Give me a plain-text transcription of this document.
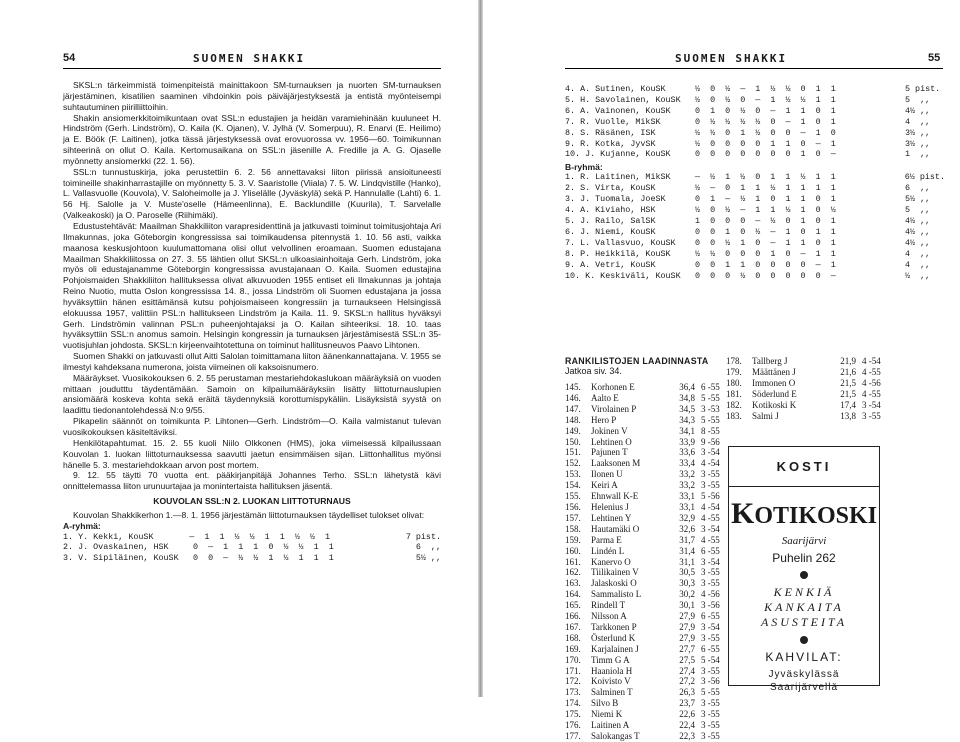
54	SUOMEN SHAKKI

SKSL:n tärkeimmistä toimenpiteistä mainittakoon SM-turnauksen ja nuorten SM-turnauksen järjestäminen, kisatilien saaminen vihdoinkin pois päiväjärjestyksestä ja entistä myönteisempi suhtautuminen piirilliittoihin.

Shakin ansiomerkkitoimikuntaan ovat SSL:n edustajien ja heidän varamiehinään kuuluneet H. Hindström (Gerh. Lindström), O. Kaila (K. Ojanen), V. Jylhä (V. Somerpuu), R. Enarvi (E. Heilimo) ja E. Böök (F. Laitinen), jotka tässä järjestyksessä ovat erovuorossa vv. 1956—60. Toimikunnan sihteerinä on ollut O. Kaila. Kertomusaikana on SSL:n jäsenille A. Fredille ja A. G. Ojaselle myönnetty ansiomerkki (22. 1. 56).

SSL:n tunnustuskirja, joka perustettiin 6. 2. 56 annettavaksi liiton piirissä ansioituneesti toimineille shakinharrastajille on myönnetty 5. 3. V. Saaristolle (Viiala) 7. 5. W. Lindqvistille (Hanko), L. Vallasvuolle (Kouvola), V. Saloheimolle ja J. Yliselälle (Jyväskylä) sekä P. Hannulalle (Lahti) 6. 1. 56 Hj. Salolle ja V. Muste'oselle (Hämeenlinna), E. Backlundille (Kuurila), T. Sarvelalle (Valkeakoski) ja O. Paroselle (Riihimäki).

Edustustehtävät: Maailman Shakkiliiton varapresidenttinä ja jatkuvasti toiminut toimitusjohtaja Ari Ilmakunnas, joka Göteborgin kongressissa sai toimikaudensa pitennystä 1. 10. 56 asti, vaikka maanosa keskusjohtoon kuulumattomana olisi ollut velvollinen eroamaan. Suomen edustajana Maailman Shakkiliitossa on 27. 3. 55 lähtien ollut SKSL:n ulkoasiainhoitaja Gerh. Lindström, joka myös oli edustajanamme Göteborgin kongressissa avustajanaan O. Kaila. Suomen edustajina Pohjoismaiden Shakkiliiton hallituksessa olivat alkuvuoden 1955 entiset eli Ilmakunnas ja johtaja Reino Nuotio, mutta Oslon kongressissa 14. 8., jossa Lindström oli Suomen edustajana ja jossa hyväksyttiin hänen esittämänsä kutsu pohjoismaiseen kongressiin ja turnaukseen Helsingissä elokuussa 1957, valittiin PSL:n hallitukseen Lindström ja Kaila. 11. 9. SKSL:n hallitus hyväksyi Gerh. Lindströmin valinnan PSL:n puheenjohtajaksi ja O. Kailan sihteeriksi. 18. 10. taas hyväksyttiin SSL:n anomus samoin. Helsingin kongressin ja turnauksen järjestämisestä SSL:n 35-vuotisjuhlan johdosta. SKSL:n kirjeenvaihtotettuna on toiminut hallitusneuvos Paavo Lihtonen.

Suomen Shakki on jatkuvasti ollut Aitti Salolan toimittamana liiton äänenkannattajana. V. 1955 se ilmestyi kahdeksana numerona, joista viimeinen oli kaksoisnumero.

Määräykset. Vuosikokouksen 6. 2. 55 perustaman mestariehdokaslukoan määräyksiä on vuoden mittaan joudutttu täydentämään. Samoin on kilpailumääräyksiin lisätty liittoturnauslupien ansiomäärä koskeva kohta sekä eräitä täydennyksiä korottumispykäliin. Lisäyksistä syystä on laadittu tiedonantolehdessä N:o 9/55.

Pikapelin säännöt on toimikunta P. Lihtonen—Gerh. Lindström—O. Kaila valmistanut tulevan vuosikokouksen käsiteltäviksi.

Henkilötapahtumat. 15. 2. 55 kuoli Niilo Olkkonen (HMS), joka viimeisessä kilpailussaan Kouvolan 1. luokan liittoturnauksessa saavutti jaetun ensimmäisen sijan. Liittonhallitus myönsi hänelle 5. 3. mestariehdokkaan arvon post mortem.

9. 12. 55 täytti 70 vuotta ent. pääkirjanpitäjä Johannes Terho. SSL:n lähetystä kävi onnittelemassa liiton urunuurtajaa ja monintertaista hallituksen jäsentä.

KOUVOLAN SSL:N 2. LUOKAN LIITTOTURNAUS

Kouvolan Shakkikerhon 1.—8. 1. 1956 järjestämän liittoturnauksen täydelliset tulokset olivat:

A-ryhmä:
1. Y. Kekki, KouSK	—  1  1  ½  ½  1  1  ½  ½  1	7 pist.
2. J. Ovaskainen, HSK	0  —  1  1  1  0  ½  ½  1  1	6  ,,
3. V. Sipiläinen, KouSK	0  0  —  ½  ½  1  ½  1  1  1	5½ ,,
SUOMEN SHAKKI	55
4. A. Sutinen, KouSK	½  0  ½  —  1  ½  ½  0  1  1	5 pist.
5. H. Savolainen, KouSK	½  0  ½  0  —  1  ½  ½  1  1	5  ,,
6. A. Vainonen, KouSK	0  1  0  ½  0  —  1  1  0  1	4½ ,,
7. R. Vuolle, MikSK	0  ½  ½  ½  ½  0  —  1  0  1	4  ,,
8. S. Räsänen, ISK	½  ½  0  1  ½  0  0  —  1  0	3½ ,,
9. R. Kotka, JyvSK	½  0  0  0  0  1  1  0  —  1	3½ ,,
10. J. Kujanne, KouSK	0  0  0  0  0  0  0  1  0  —	1  ,,
B-ryhmä:
1. R. Laitinen, MikSK	—  ½  1  ½  0  1  1  ½  1  1	6½ pist.
2. S. Virta, KouSK	½  —  0  1  1  ½  1  1  1  1	6  ,,
3. J. Tuomala, JoeSK	0  1  —  ½  1  0  1  1  0  1	5½ ,,
4. A. Kiviaho, HSK	½  0  ½  —  1  1  ½  1  0  ½	5  ,,
5. J. Railo, SalSK	1  0  0  0  —  ½  0  1  0  1	4½ ,,
6. J. Niemi, KouSK	0  0  1  0  ½  —  1  0  1  1	4½ ,,
7. L. Vallasvuo, KouSK	0  0  ½  1  0  —  1  1  0  1	4½ ,,
8. P. Heikkilä, KouSK	½  ½  0  0  0  1  0  —  1  1	4  ,,
9. A. Vetri, KouSK	0  0  1  1  0  0  0  0  —  1	4  ,,
10. K. Keskiväli, KouSK	0  0  0  ½  0  0  0  0  0  —	½  ,,
RANKILISTOJEN LAADINNASTA
Jatkoa siv. 34.
145.	Korhonen E	36,4 6 -55
146.	Aalto E	34,8 5 -55
147.	Virolainen P	34,5 3 -53
148.	Hero P	34,3 5 -55
149.	Jokinen V	34,1 8 -55
150.	Lehtinen O	33,9 9 -56
151.	Pajunen T	33,6 3 -54
152.	Laaksonen M	33,4 4 -54
153.	Ilonen U	33,2 3 -55
154.	Keiri A	33,2 3 -55
155.	Ehnwall K-E	33,1 5 -56
156.	Helenius J	33,1 4 -54
157.	Lehtinen Y	32,9 4 -55
158.	Hautamäki O	32,6 3 -54
159.	Parma E	31,7 4 -55
160.	Lindén L	31,4 6 -55
161.	Kanervo O	31,1 3 -54
162.	Tiilikainen V	30,5 3 -55
163.	Jalaskoski O	30,3 3 -55
164.	Sammalisto L	30,2 4 -56
165.	Rindell T	30,1 3 -56
166.	Nilsson A	27,9 6 -55
167.	Tarkkonen P	27,9 3 -54
168.	Österlund K	27,9 3 -55
169.	Karjalainen J	27,7 6 -55
170.	Timm G A	27,5 5 -54
171.	Haaniola H	27,4 3 -55
172.	Koivisto V	27,2 3 -56
173.	Salminen T	26,3 5 -55
174.	Silvo B	23,7 3 -55
175.	Niemi K	22,6 3 -55
176.	Laitinen A	22,4 3 -55
177.	Salokangas T	22,3 3 -55
178.	Tallberg J	21,9 4 -54
179.	Määttänen J	21,6 4 -55
180.	Immonen O	21,5 4 -56
181.	Söderlund E	21,5 4 -55
182.	Kotikoski K	17,4 3 -54
183.	Salmi J	13,8 3 -55
KOSTI
KOTIKOSKI
Saarijärvi
Puhelin 262
KENKIÄ
KANKAITA
ASUSTEITA
KAHVILAT:
Jyväskylässä
Saarijärvellä
